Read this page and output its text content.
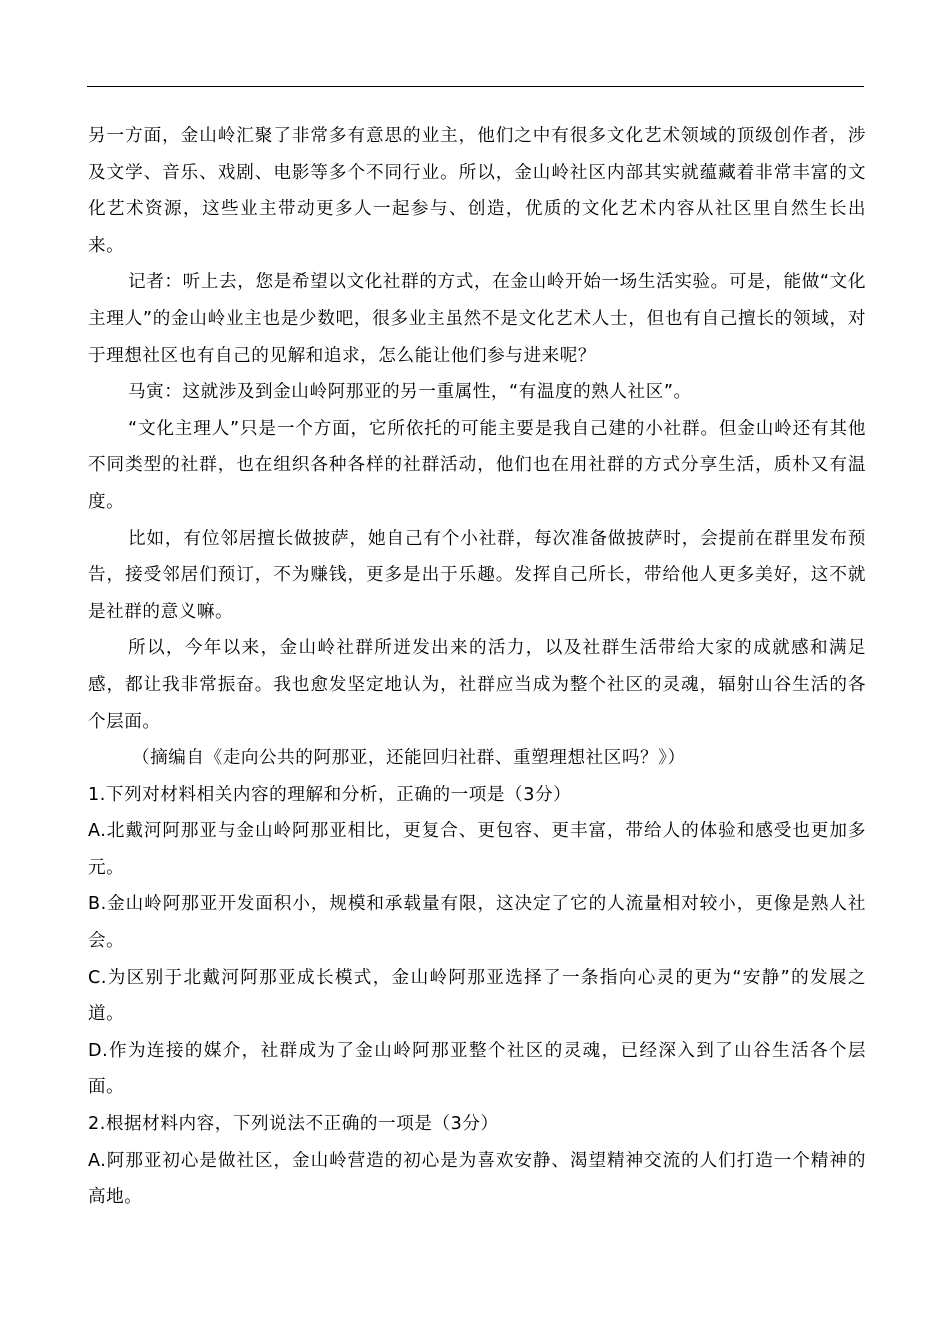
另一方面，金山岭汇聚了非常多有意思的业主，他们之中有很多文化艺术领域的顶级创作者，涉及文学、音乐、戏剧、电影等多个不同行业。所以，金山岭社区内部其实就蕴藏着非常丰富的文化艺术资源，这些业主带动更多人一起参与、创造，优质的文化艺术内容从社区里自然生长出来。

记者：听上去，您是希望以文化社群的方式，在金山岭开始一场生活实验。可是，能做“文化主理人”的金山岭业主也是少数吧，很多业主虽然不是文化艺术人士，但也有自己擅长的领域，对于理想社区也有自己的见解和追求，怎么能让他们参与进来呢？

马寅：这就涉及到金山岭阿那亚的另一重属性，“有温度的熟人社区”。

“文化主理人”只是一个方面，它所依托的可能主要是我自己建的小社群。但金山岭还有其他不同类型的社群，也在组织各种各样的社群活动，他们也在用社群的方式分享生活，质朴又有温度。

比如，有位邻居擅长做披萨，她自己有个小社群，每次准备做披萨时，会提前在群里发布预告，接受邻居们预订，不为赚钱，更多是出于乐趣。发挥自己所长，带给他人更多美好，这不就是社群的意义嘛。

所以，今年以来，金山岭社群所迸发出来的活力，以及社群生活带给大家的成就感和满足感，都让我非常振奋。我也愈发坚定地认为，社群应当成为整个社区的灵魂，辐射山谷生活的各个层面。

（摘编自《走向公共的阿那亚，还能回归社群、重塑理想社区吗？》）

1.下列对材料相关内容的理解和分析，正确的一项是（3分）

A.北戴河阿那亚与金山岭阿那亚相比，更复合、更包容、更丰富，带给人的体验和感受也更加多元。

B.金山岭阿那亚开发面积小，规模和承载量有限，这决定了它的人流量相对较小，更像是熟人社会。

C.为区别于北戴河阿那亚成长模式，金山岭阿那亚选择了一条指向心灵的更为“安静”的发展之道。

D.作为连接的媒介，社群成为了金山岭阿那亚整个社区的灵魂，已经深入到了山谷生活各个层面。

2.根据材料内容，下列说法不正确的一项是（3分）

A.阿那亚初心是做社区，金山岭营造的初心是为喜欢安静、渴望精神交流的人们打造一个精神的高地。
